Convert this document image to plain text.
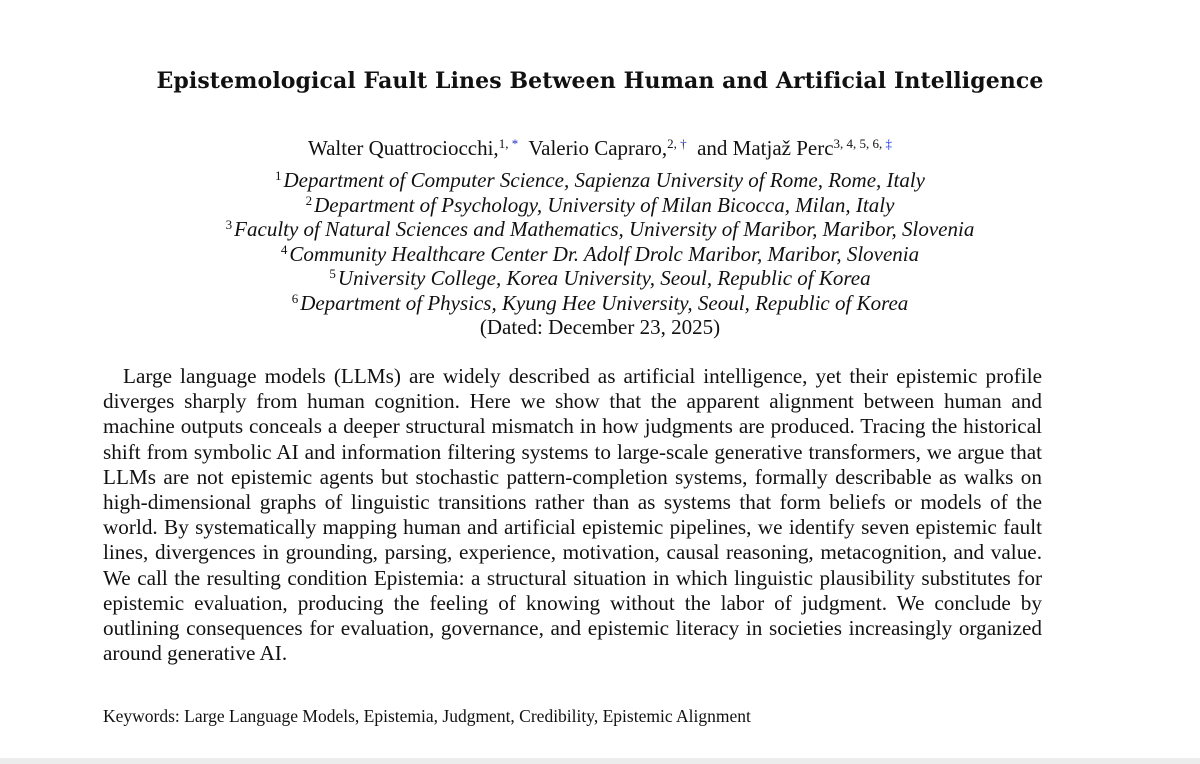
Epistemological Fault Lines Between Human and Artificial Intelligence
Walter Quattrociocchi,$^{1, *}$ Valerio Capraro,$^{2, \dagger}$ and Matjaž Perc$^{3, 4, 5, 6, \ddagger}$
$^1$Department of Computer Science, Sapienza University of Rome, Rome, Italy
$^2$Department of Psychology, University of Milan Bicocca, Milan, Italy
$^3$Faculty of Natural Sciences and Mathematics, University of Maribor, Maribor, Slovenia
$^4$Community Healthcare Center Dr. Adolf Drolc Maribor, Maribor, Slovenia
$^5$University College, Korea University, Seoul, Republic of Korea
$^6$Department of Physics, Kyung Hee University, Seoul, Republic of Korea
(Dated: December 23, 2025)
Large language models (LLMs) are widely described as artificial intelligence, yet their epistemic profile diverges sharply from human cognition. Here we show that the apparent alignment between human and machine outputs conceals a deeper structural mismatch in how judgments are produced. Tracing the historical shift from symbolic AI and information filtering systems to large-scale generative transformers, we argue that LLMs are not epistemic agents but stochastic pattern-completion systems, formally describable as walks on high-dimensional graphs of linguistic transitions rather than as systems that form beliefs or models of the world. By systematically mapping human and artificial epistemic pipelines, we identify seven epistemic fault lines, divergences in grounding, parsing, experience, motivation, causal reasoning, metacognition, and value. We call the resulting condition Epistemia: a structural situation in which linguistic plausibility substitutes for epistemic evaluation, producing the feeling of knowing without the labor of judgment. We conclude by outlining consequences for evaluation, governance, and epistemic literacy in societies increasingly organized around generative AI.
Keywords: Large Language Models, Epistemia, Judgment, Credibility, Epistemic Alignment
